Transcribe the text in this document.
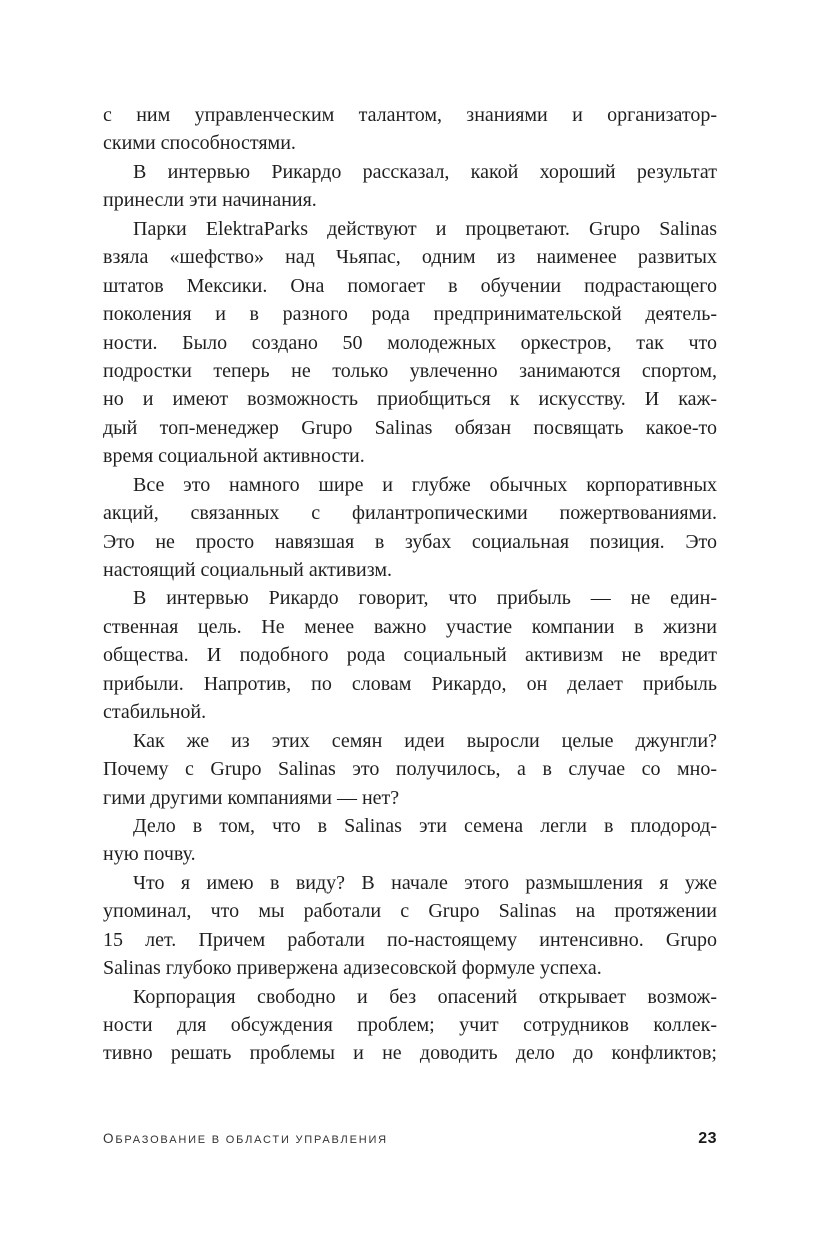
с ним управленческим талантом, знаниями и организатор-
скими способностями.
В интервью Рикардо рассказал, какой хороший результат
принесли эти начинания.
Парки ElektraParks действуют и процветают. Grupo Salinas
взяла «шефство» над Чьяпас, одним из наименее развитых
штатов Мексики. Она помогает в обучении подрастающего
поколения и в разного рода предпринимательской деятель-
ности. Было создано 50 молодежных оркестров, так что
подростки теперь не только увлеченно занимаются спортом,
но и имеют возможность приобщиться к искусству. И каж-
дый топ-менеджер Grupo Salinas обязан посвящать какое-то
время социальной активности.
Все это намного шире и глубже обычных корпоративных
акций, связанных с филантропическими пожертвованиями.
Это не просто навязшая в зубах социальная позиция. Это
настоящий социальный активизм.
В интервью Рикардо говорит, что прибыль — не един-
ственная цель. Не менее важно участие компании в жизни
общества. И подобного рода социальный активизм не вредит
прибыли. Напротив, по словам Рикардо, он делает прибыль
стабильной.
Как же из этих семян идеи выросли целые джунгли?
Почему с Grupo Salinas это получилось, а в случае со мно-
гими другими компаниями — нет?
Дело в том, что в Salinas эти семена легли в плодород-
ную почву.
Что я имею в виду? В начале этого размышления я уже
упоминал, что мы работали с Grupo Salinas на протяжении
15 лет. Причем работали по-настоящему интенсивно. Grupo
Salinas глубоко привержена адизесовской формуле успеха.
Корпорация свободно и без опасений открывает возмож-
ности для обсуждения проблем; учит сотрудников коллек-
тивно решать проблемы и не доводить дело до конфликтов;
ОБРАЗОВАНИЕ В ОБЛАСТИ УПРАВЛЕНИЯ	23
